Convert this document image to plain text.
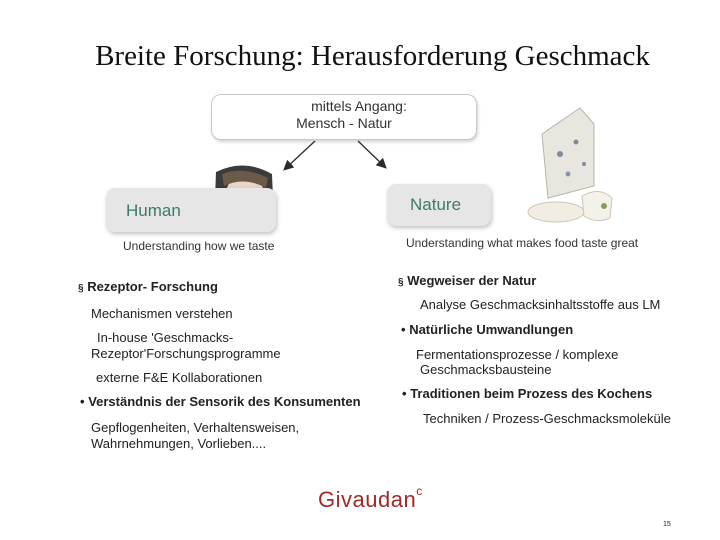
Breite Forschung: Herausforderung Geschmack
mittels Angang:
Mensch - Natur
Human
Understanding how we taste
Nature
Understanding what makes food taste great
§ Rezeptor- Forschung
Mechanismen verstehen
In-house 'Geschmacks-
Rezeptor'Forschungsprogramme
externe F&E Kollaborationen
• Verständnis der Sensorik des Konsumenten
Gepflogenheiten, Verhaltensweisen,
Wahrnehmungen, Vorlieben....
§ Wegweiser der Natur
Analyse Geschmacksinhaltsstoffe aus LM
• Natürliche Umwandlungen
Fermentationsprozesse / komplexe
Geschmacksbausteine
• Traditionen beim Prozess des Kochens
Techniken / Prozess-Geschmacksmoleküle
Givaudan$^c$
15
